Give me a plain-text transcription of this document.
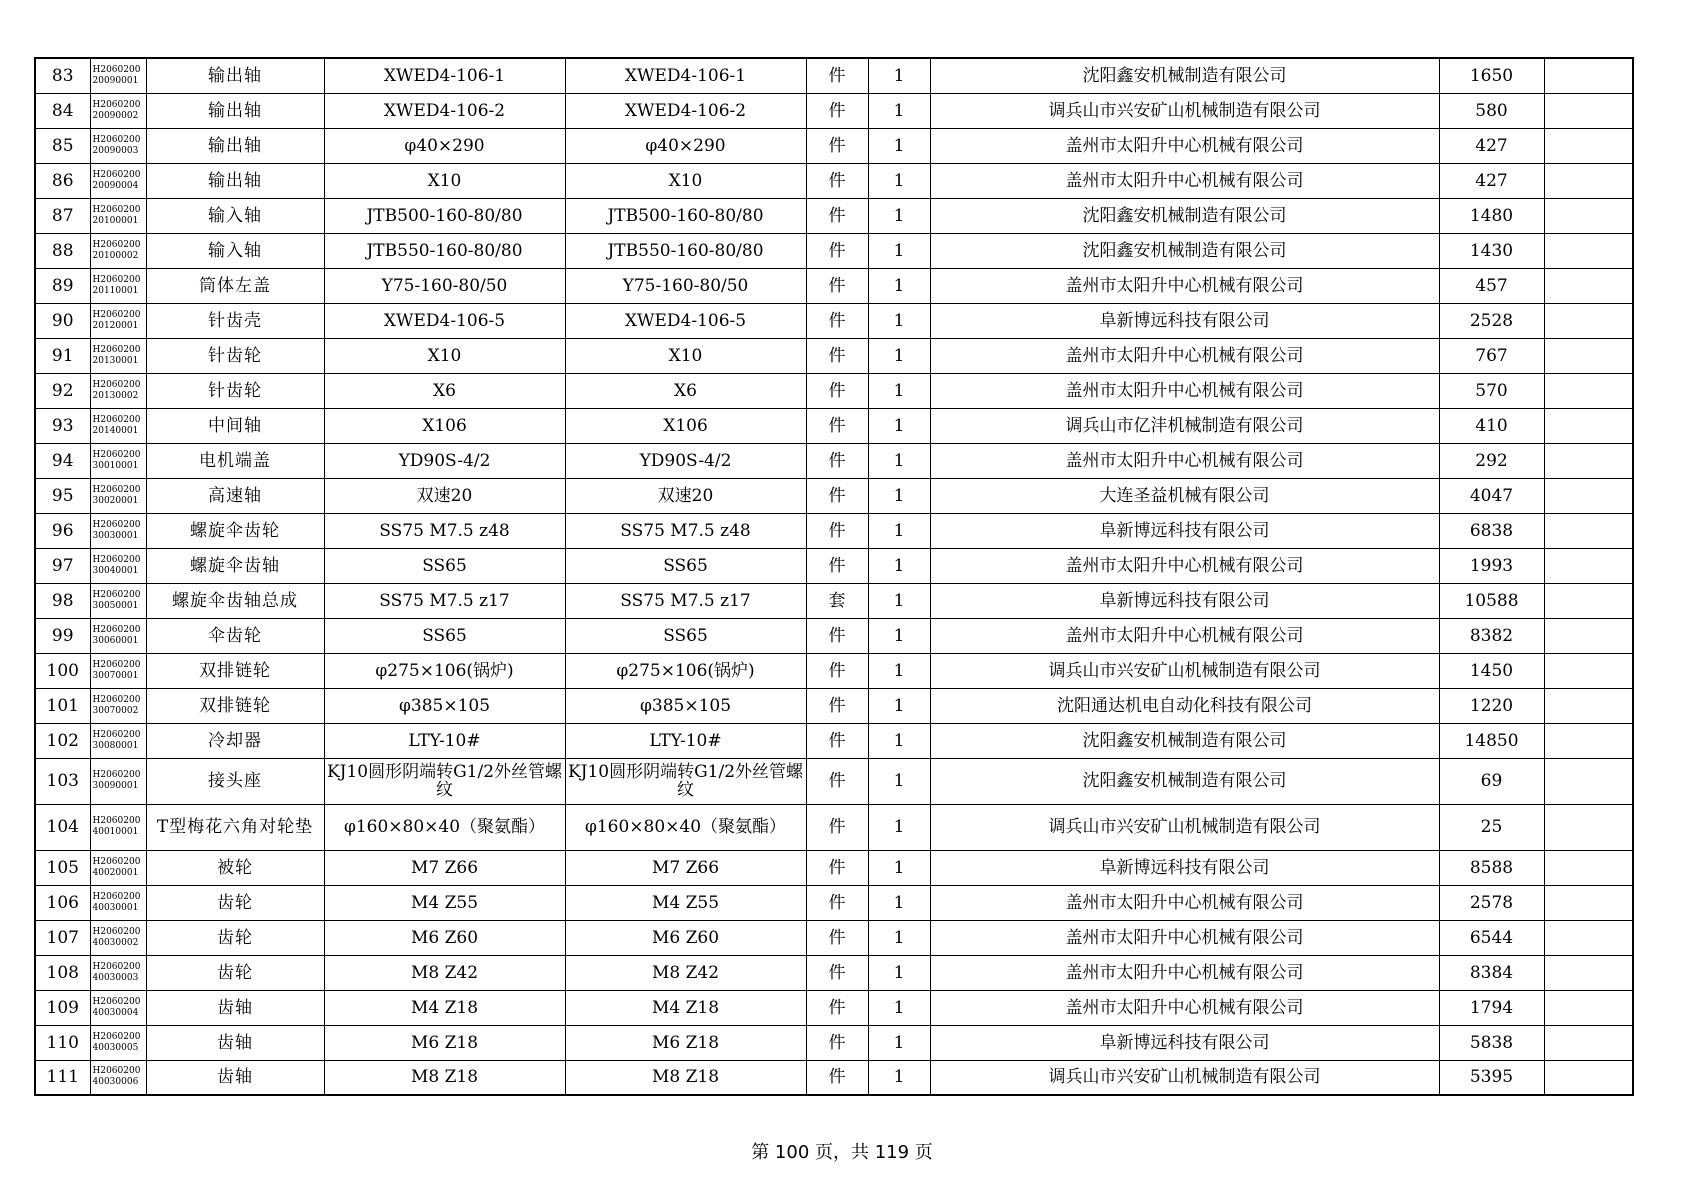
83	H2060200 20090001	输出轴	XWED4-106-1	XWED4-106-1	件	1	沈阳鑫安机械制造有限公司	1650	
84	H2060200 20090002	输出轴	XWED4-106-2	XWED4-106-2	件	1	调兵山市兴安矿山机械制造有限公司	580	
85	H2060200 20090003	输出轴	φ40×290	φ40×290	件	1	盖州市太阳升中心机械有限公司	427	
86	H2060200 20090004	输出轴	X10	X10	件	1	盖州市太阳升中心机械有限公司	427	
87	H2060200 20100001	输入轴	JTB500-160-80/80	JTB500-160-80/80	件	1	沈阳鑫安机械制造有限公司	1480	
88	H2060200 20100002	输入轴	JTB550-160-80/80	JTB550-160-80/80	件	1	沈阳鑫安机械制造有限公司	1430	
89	H2060200 20110001	筒体左盖	Y75-160-80/50	Y75-160-80/50	件	1	盖州市太阳升中心机械有限公司	457	
90	H2060200 20120001	针齿壳	XWED4-106-5	XWED4-106-5	件	1	阜新博远科技有限公司	2528	
91	H2060200 20130001	针齿轮	X10	X10	件	1	盖州市太阳升中心机械有限公司	767	
92	H2060200 20130002	针齿轮	X6	X6	件	1	盖州市太阳升中心机械有限公司	570	
93	H2060200 20140001	中间轴	X106	X106	件	1	调兵山市亿沣机械制造有限公司	410	
94	H2060200 30010001	电机端盖	YD90S-4/2	YD90S-4/2	件	1	盖州市太阳升中心机械有限公司	292	
95	H2060200 30020001	高速轴	双速20	双速20	件	1	大连圣益机械有限公司	4047	
96	H2060200 30030001	螺旋伞齿轮	SS75 M7.5 z48	SS75 M7.5 z48	件	1	阜新博远科技有限公司	6838	
97	H2060200 30040001	螺旋伞齿轴	SS65	SS65	件	1	盖州市太阳升中心机械有限公司	1993	
98	H2060200 30050001	螺旋伞齿轴总成	SS75 M7.5 z17	SS75 M7.5 z17	套	1	阜新博远科技有限公司	10588	
99	H2060200 30060001	伞齿轮	SS65	SS65	件	1	盖州市太阳升中心机械有限公司	8382	
100	H2060200 30070001	双排链轮	φ275×106(锅炉)	φ275×106(锅炉)	件	1	调兵山市兴安矿山机械制造有限公司	1450	
101	H2060200 30070002	双排链轮	φ385×105	φ385×105	件	1	沈阳通达机电自动化科技有限公司	1220	
102	H2060200 30080001	冷却器	LTY-10#	LTY-10#	件	1	沈阳鑫安机械制造有限公司	14850	
103	H2060200 30090001	接头座	KJ10圆形阴端转G1/2外丝管螺纹	KJ10圆形阴端转G1/2外丝管螺纹	件	1	沈阳鑫安机械制造有限公司	69	
104	H2060200 40010001	T型梅花六角对轮垫	φ160×80×40（聚氨酯）	φ160×80×40（聚氨酯）	件	1	调兵山市兴安矿山机械制造有限公司	25	
105	H2060200 40020001	被轮	M7 Z66	M7 Z66	件	1	阜新博远科技有限公司	8588	
106	H2060200 40030001	齿轮	M4 Z55	M4 Z55	件	1	盖州市太阳升中心机械有限公司	2578	
107	H2060200 40030002	齿轮	M6 Z60	M6 Z60	件	1	盖州市太阳升中心机械有限公司	6544	
108	H2060200 40030003	齿轮	M8 Z42	M8 Z42	件	1	盖州市太阳升中心机械有限公司	8384	
109	H2060200 40030004	齿轴	M4 Z18	M4 Z18	件	1	盖州市太阳升中心机械有限公司	1794	
110	H2060200 40030005	齿轴	M6 Z18	M6 Z18	件	1	阜新博远科技有限公司	5838	
111	H2060200 40030006	齿轴	M8 Z18	M8 Z18	件	1	调兵山市兴安矿山机械制造有限公司	5395	
第 100 页，共 119 页
